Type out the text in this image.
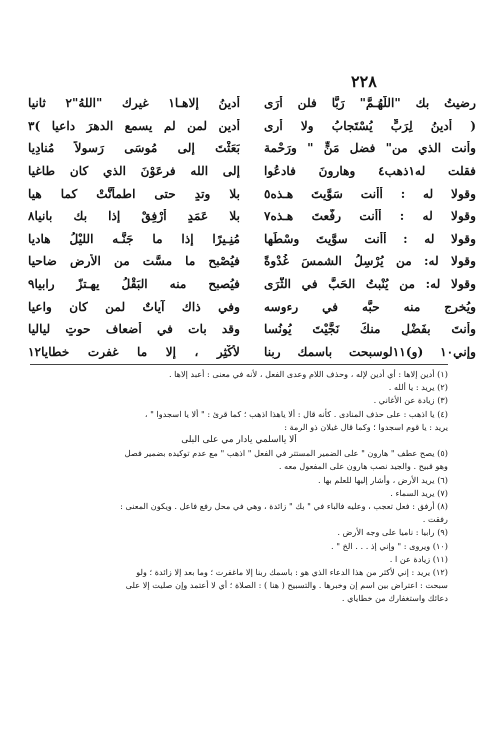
٢٢٨
رضيتُ بك "اللَّهُـمَّ" رَبًّا فلن أُرَى
أدينُ إلاهـا١ غيرك "اللهُ"٢ ثانيا
( أدينُ لِرَبٍّ يُسْتَجابُ ولا أرى
أدين لمن لم يسمع الدهرَ داعيا )٣
وأنت الذي من" فضل مَنٍّ " ورَحْمة
بَعَثْتَ إلى مُوسَى رَسولاً مُنادِيا
فقلت له١ذهب٤ وهارونَ فادعُوا
إلى الله فرعَوْنَ الذي كان طاغيا
وقولا له : أأنت سَوَّيتَ هـذه٥
بلا وتدٍ حتى اطمأنَّتْ كما هيا
وقولا له : أأنت رفَّعتَ هـذه٧
بلا عَمَدٍ أرْفِقْ إذا بك بانيا٨
وقولا له : أأنت سوَّيتَ وسْطَها
مُنِـيرًا إذا ما جَنَّـه الليْلُ هاديا
وقولا له: من يُرْسِلُ الشمسَ غُدْوةً
فيُصْبح ما مسَّت من الأرض ضاحيا
وقولا له: من يُنْبتُ الحَبَّ في الثَّرَى
فيُصبح منه البَقْلُ يهـتزّ رابيا٩
ويُخرج منه حبَّه في رءوسه
وفي ذاك آياتٌ لمن كان واعيا
وأنتَ بفَضْلٍ منكَ نَجَّيْتَ يُونُسا
وقد بات في أضعاف حوتٍ لياليا
وإني١٠ (و)١١لوسبحت باسمك ربنا
لأُكْثِر ، إلا ما غفرت خطايا١٢
(١) أدين إلاها : أي أدين لإله ، وحذف اللام وعدى الفعل ، لأنه في معنى : أعبد إلاها .
(٢) يريد : يا ألله .
(٣) زيادة عن الأغاني .
(٤) يا اذهب : على حذف المنادى . كأنه قال : ألا ياهذا اذهب ؛ كما قرئ : " ألا يا اسجدوا " ،
يريد : يا قوم اسجدوا ؛ وكما قال غيلان ذو الرمة :
ألا يااسلمي يادار مي على البلى
(٥) يصح عطف " هارون " على الضمير المستتر في الفعل " اذهب " مع عدم توكيده بضمير فصل
وهو قبيح . والجيد نصب هارون على المفعول معه .
(٦) يريد الأرض ، وأشار إليها للعلم بها .
(٧) يريد السماء .
(٨) أرفق : فعل تعجب ، وعليه فالباء في " بك " زائدة ، وهي في محل رفع فاعل . ويكون المعنى :
رفقت .
(٩) رابيا : ناميا على وجه الأرض .
(١٠) ويروى : " وإني إذ . . . الخ " .
(١١) زيادة عن ا .
(١٢) يريد : إني لأكثر من هذا الدعاء الذي هو : باسمك ربنا إلا ماغفرت ؛ وما بعد إلا زائدة ؛ ولو
سبحت : اعتراض بين اسم إن وخبرها . والتسبيح ( هنا ) : الصلاة ؛ أي لا أعتمد وإن صليت إلا على
دعائك واستغفارك من خطاياي .
